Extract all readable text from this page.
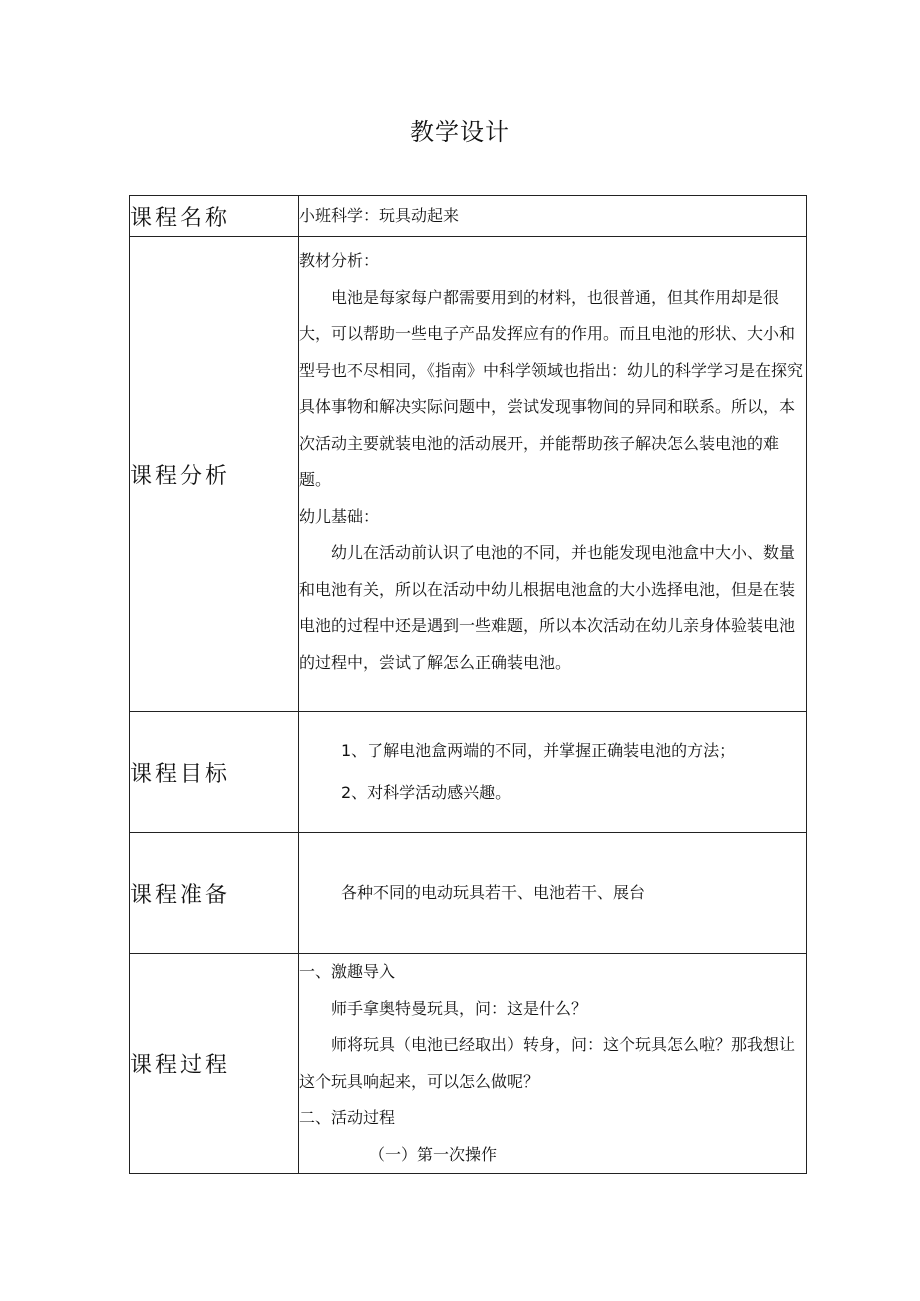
教学设计
课程名称	小班科学：玩具动起来
课程分析	教材分析：

电池是每家每户都需要用到的材料，也很普通，但其作用却是很大，可以帮助一些电子产品发挥应有的作用。而且电池的形状、大小和型号也不尽相同，《指南》中科学领域也指出：幼儿的科学学习是在探究具体事物和解决实际问题中，尝试发现事物间的异同和联系。所以，本次活动主要就装电池的活动展开，并能帮助孩子解决怎么装电池的难题。

幼儿基础：

幼儿在活动前认识了电池的不同，并也能发现电池盒中大小、数量和电池有关，所以在活动中幼儿根据电池盒的大小选择电池，但是在装电池的过程中还是遇到一些难题，所以本次活动在幼儿亲身体验装电池的过程中，尝试了解怎么正确装电池。

课程目标	1、了解电池盒两端的不同，并掌握正确装电池的方法；

2、对科学活动感兴趣。

课程准备	各种不同的电动玩具若干、电池若干、展台

课程过程	一、激趣导入

师手拿奥特曼玩具，问：这是什么？

师将玩具（电池已经取出）转身，问：这个玩具怎么啦？那我想让这个玩具响起来，可以怎么做呢？

二、活动过程

（一）第一次操作
